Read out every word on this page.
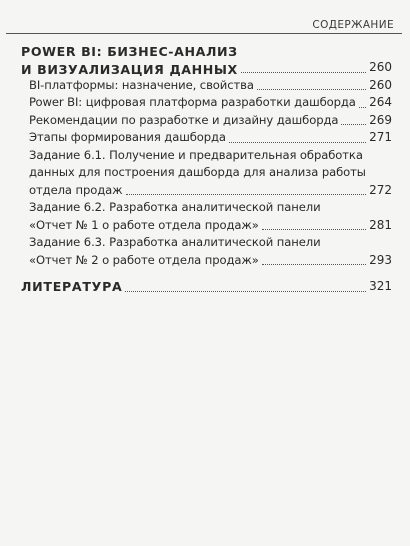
СОДЕРЖАНИЕ
POWER BI: БИЗНЕС-АНАЛИЗ
И ВИЗУАЛИЗАЦИЯ ДАННЫХ	260
BI-платформы: назначение, свойства	260
Power BI: цифровая платформа разработки дашборда 264
Рекомендации по разработке и дизайну дашборда	269
Этапы формирования дашборда	271
Задание 6.1. Получение и предварительная обработка
данных для построения дашборда для анализа работы
отдела продаж	272
Задание 6.2. Разработка аналитической панели
«Отчет № 1 о работе отдела продаж»	281
Задание 6.3. Разработка аналитической панели
«Отчет № 2 о работе отдела продаж»	293
ЛИТЕРАТУРА	321
